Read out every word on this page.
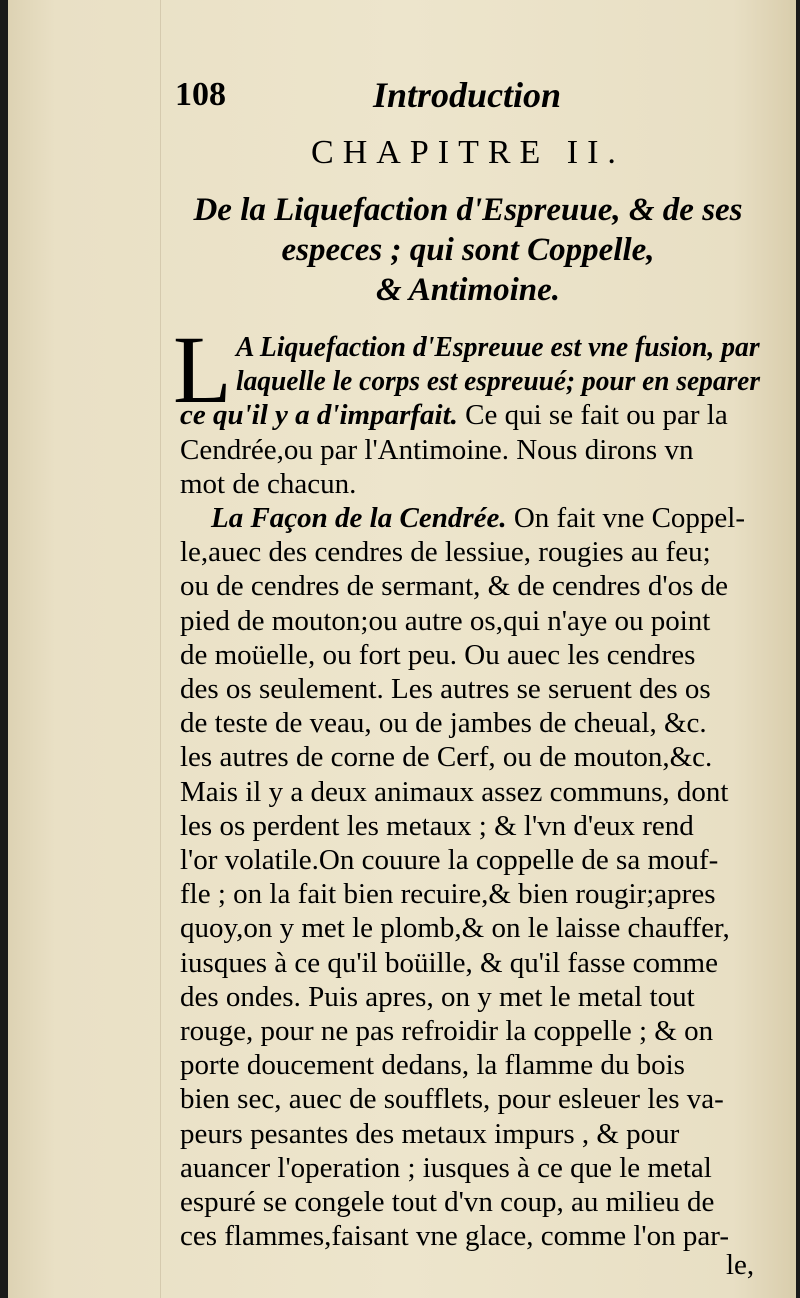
108	Introduction
CHAPITRE II.
De la Liquefaction d'Espreuue, & de ses
especes ; qui sont Coppelle,
& Antimoine.
L A Liquefaction d'Espreuue est vne fusion, par
laquelle le corps est espreuué; pour en separer
ce qu'il y a d'imparfait. Ce qui se fait ou par la
Cendrée,ou par l'Antimoine. Nous dirons vn
mot de chacun.
La Façon de la Cendrée. On fait vne Coppel-
le,auec des cendres de lessiue, rougies au feu;
ou de cendres de sermant, & de cendres d'os de
pied de mouton;ou autre os,qui n'aye ou point
de moüelle, ou fort peu. Ou auec les cendres
des os seulement. Les autres se seruent des os
de teste de veau, ou de jambes de cheual, &c.
les autres de corne de Cerf, ou de mouton,&c.
Mais il y a deux animaux assez communs, dont
les os perdent les metaux ; & l'vn d'eux rend
l'or volatile.On couure la coppelle de sa mouf-
fle ; on la fait bien recuire,& bien rougir;apres
quoy,on y met le plomb,& on le laisse chauffer,
iusques à ce qu'il boüille, & qu'il fasse comme
des ondes. Puis apres, on y met le metal tout
rouge, pour ne pas refroidir la coppelle ; & on
porte doucement dedans, la flamme du bois
bien sec, auec de soufflets, pour esleuer les va-
peurs pesantes des metaux impurs , & pour
auancer l'operation ; iusques à ce que le metal
espuré se congele tout d'vn coup, au milieu de
ces flammes,faisant vne glace, comme l'on par-
le,
